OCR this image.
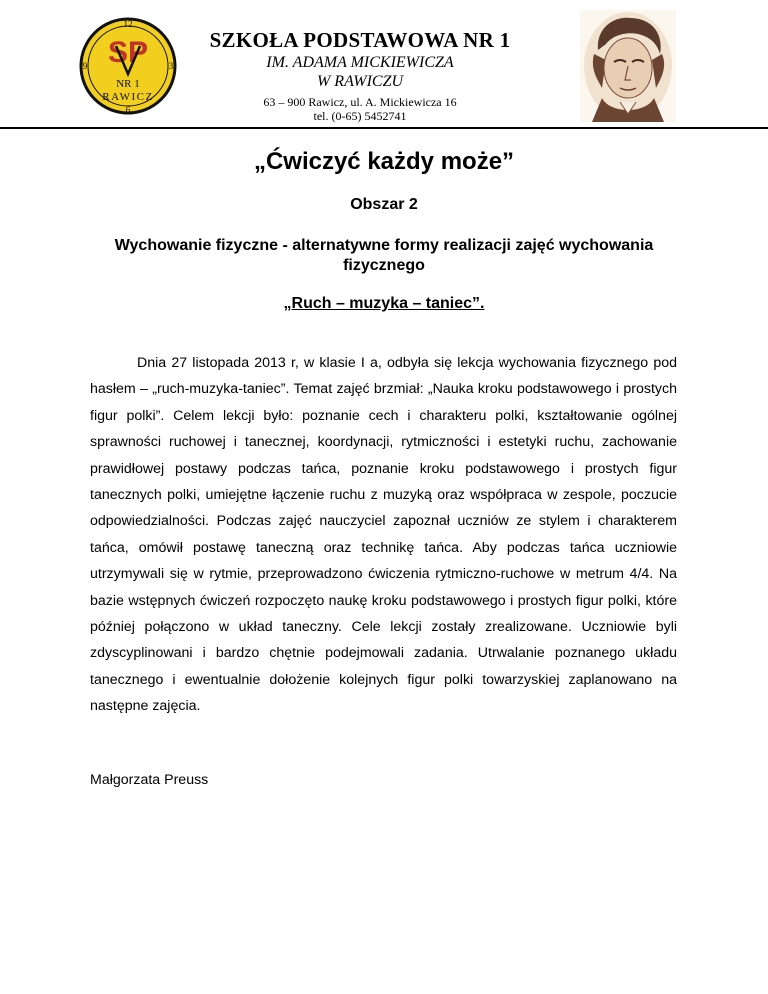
SP
12
3
6
9
NR 1
RAWICZ
SZKOŁA PODSTAWOWA NR 1
IM. ADAMA MICKIEWICZA
W RAWICZU
63 – 900 Rawicz, ul. A. Mickiewicza 16
tel. (0-65) 5452741
„Ćwiczyć każdy może”
Obszar 2
Wychowanie fizyczne - alternatywne formy realizacji zajęć wychowania fizycznego
„Ruch – muzyka – taniec”.

Dnia 27 listopada 2013 r, w klasie I a, odbyła się lekcja wychowania fizycznego pod hasłem – „ruch-muzyka-taniec”. Temat zajęć brzmiał: „Nauka kroku podstawowego i prostych figur polki”. Celem lekcji było: poznanie cech i charakteru polki, kształtowanie ogólnej sprawności ruchowej i tanecznej, koordynacji, rytmiczności i estetyki ruchu, zachowanie prawidłowej postawy podczas tańca, poznanie kroku podstawowego i prostych figur tanecznych polki, umiejętne łączenie ruchu z muzyką oraz współpraca w zespole, poczucie odpowiedzialności. Podczas zajęć nauczyciel zapoznał uczniów ze stylem i charakterem tańca, omówił postawę taneczną oraz technikę tańca. Aby podczas tańca uczniowie utrzymywali się w rytmie, przeprowadzono ćwiczenia rytmiczno-ruchowe w metrum 4/4. Na bazie wstępnych ćwiczeń rozpoczęto naukę kroku podstawowego i prostych figur polki, które później połączono w układ taneczny. Cele lekcji zostały zrealizowane. Uczniowie byli zdyscyplinowani i bardzo chętnie podejmowali zadania. Utrwalanie poznanego układu tanecznego i ewentualnie dołożenie kolejnych figur polki towarzyskiej zaplanowano na następne zajęcia.

Małgorzata Preuss
